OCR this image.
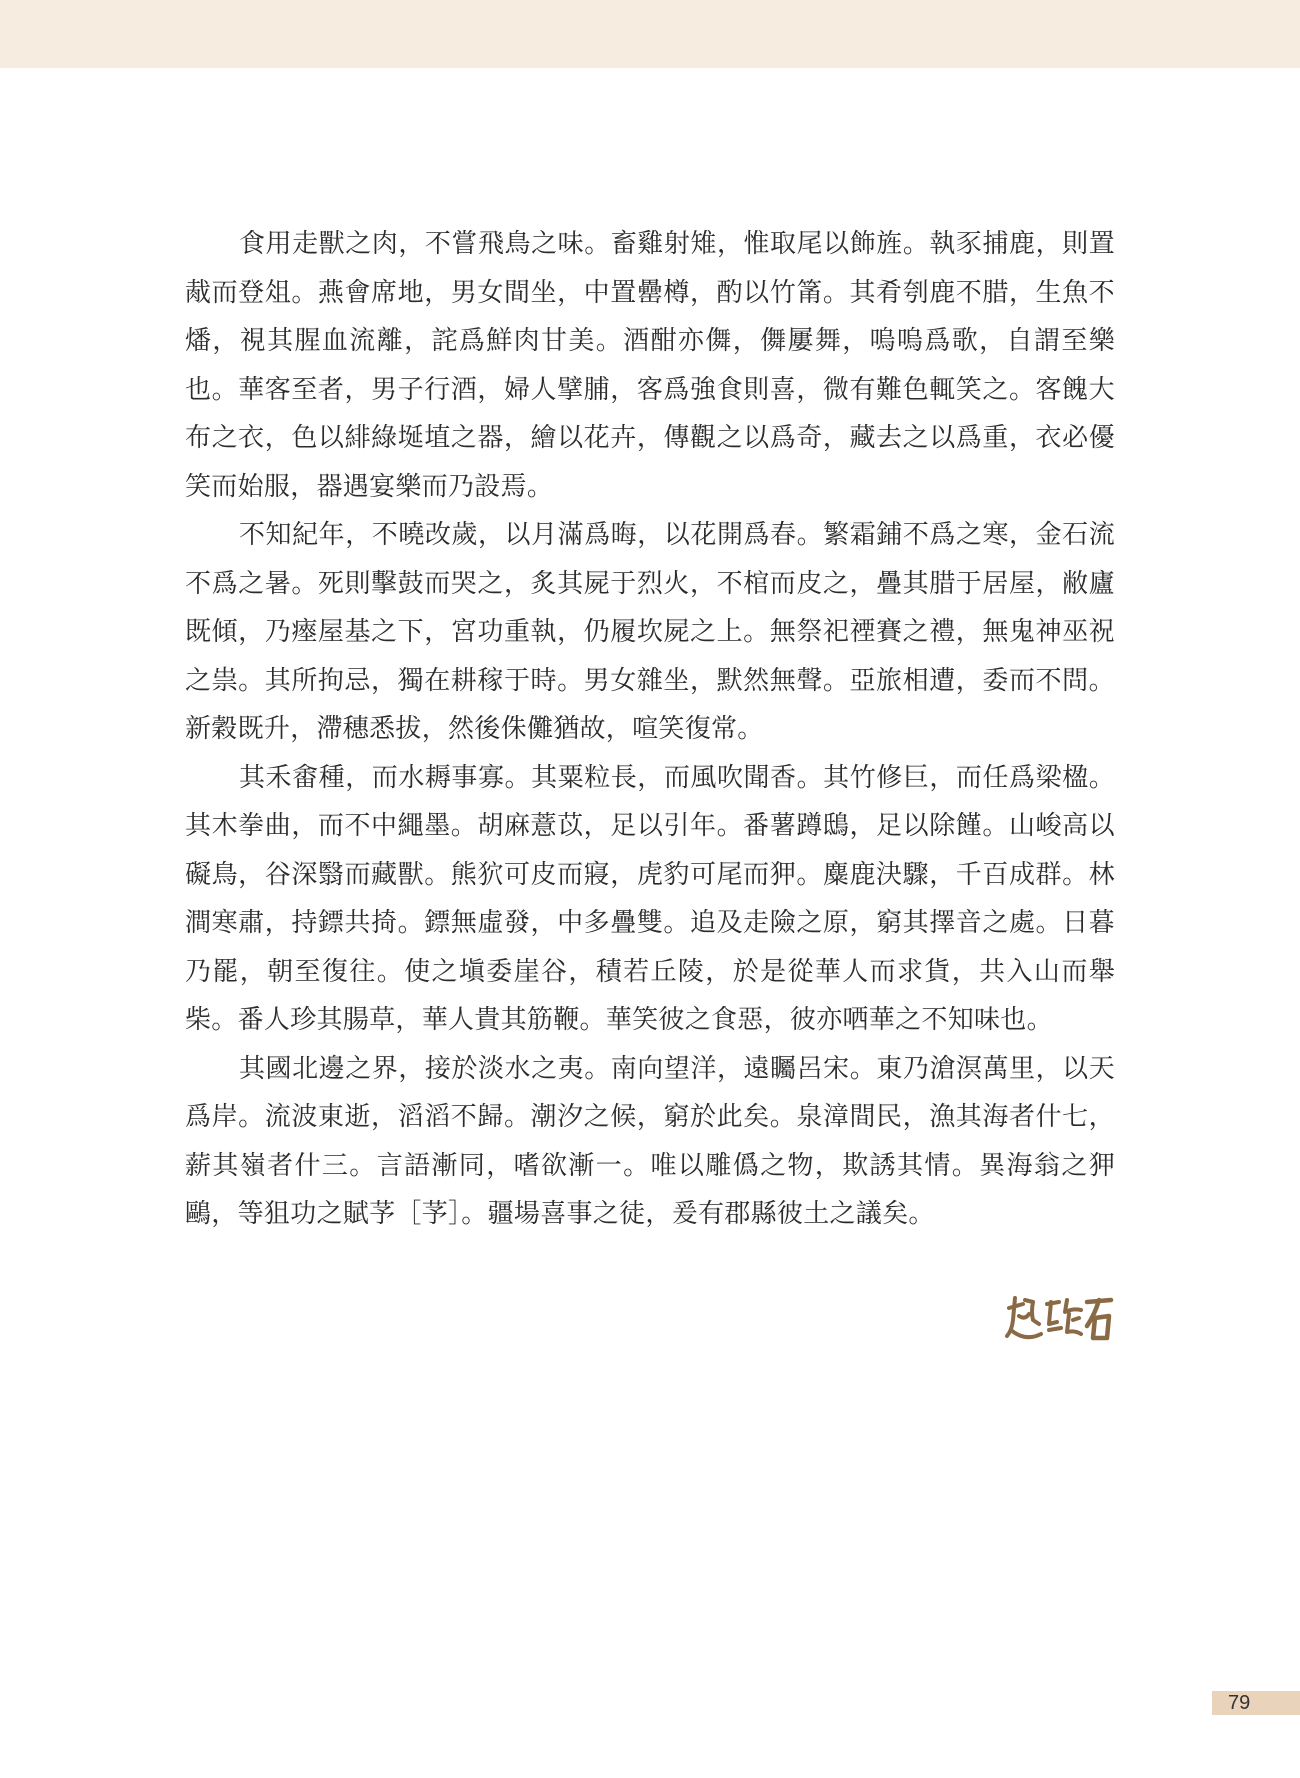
食用走獸之肉，不嘗飛鳥之味。畜雞射雉，惟取尾以飾旌。執豕捕鹿，則置胾而登俎。燕會席地，男女間坐，中置罍樽，酌以竹筩。其肴刳鹿不腊，生魚不燔，視其腥血流離，詫爲鮮肉甘美。酒酣亦儛，儛屢舞，嗚嗚爲歌，自謂至樂也。華客至者，男子行酒，婦人擘脯，客爲強食則喜，微有難色輒笑之。客餽大布之衣，色以緋綠埏埴之器，繪以花卉，傳觀之以爲奇，藏去之以爲重，衣必優笑而始服，器遇宴樂而乃設焉。

不知紀年，不曉改歲，以月滿爲晦，以花開爲春。繁霜鋪不爲之寒，金石流不爲之暑。死則擊鼓而哭之，炙其屍于烈火，不棺而皮之，疊其腊于居屋，敝廬既傾，乃瘞屋基之下，宮功重執，仍履坎屍之上。無祭祀禋賽之禮，無鬼神巫祝之祟。其所拘忌，獨在耕稼于時。男女雜坐，默然無聲。亞旅相遭，委而不問。新穀既升，滯穗悉拔，然後侏儺猶故，喧笑復常。

其禾畬種，而水耨事寡。其粟粒長，而風吹聞香。其竹修巨，而任爲梁楹。其木拳曲，而不中繩墨。胡麻薏苡，足以引年。番薯蹲鴟，足以除饉。山峻高以礙鳥，谷深翳而藏獸。熊狖可皮而寢，虎豹可尾而狎。麋鹿決驟，千百成群。林澗寒肅，持鏢共掎。鏢無虛發，中多疊雙。追及走險之原，窮其擇音之處。日暮乃罷，朝至復往。使之塡委崖谷，積若丘陵，於是從華人而求貨，共入山而舉柴。番人珍其腸草，華人貴其筋鞭。華笑彼之食惡，彼亦哂華之不知味也。

其國北邊之界，接於淡水之夷。南向望洋，遠矚呂宋。東乃滄溟萬里，以天爲岸。流波東逝，滔滔不歸。潮汐之候，窮於此矣。泉漳間民，漁其海者什七，薪其嶺者什三。言語漸同，嗜欲漸一。唯以雕僞之物，欺誘其情。異海翁之狎鷗，等狙功之賦芧［芧］。疆場喜事之徒，爰有郡縣彼土之議矣。

79
